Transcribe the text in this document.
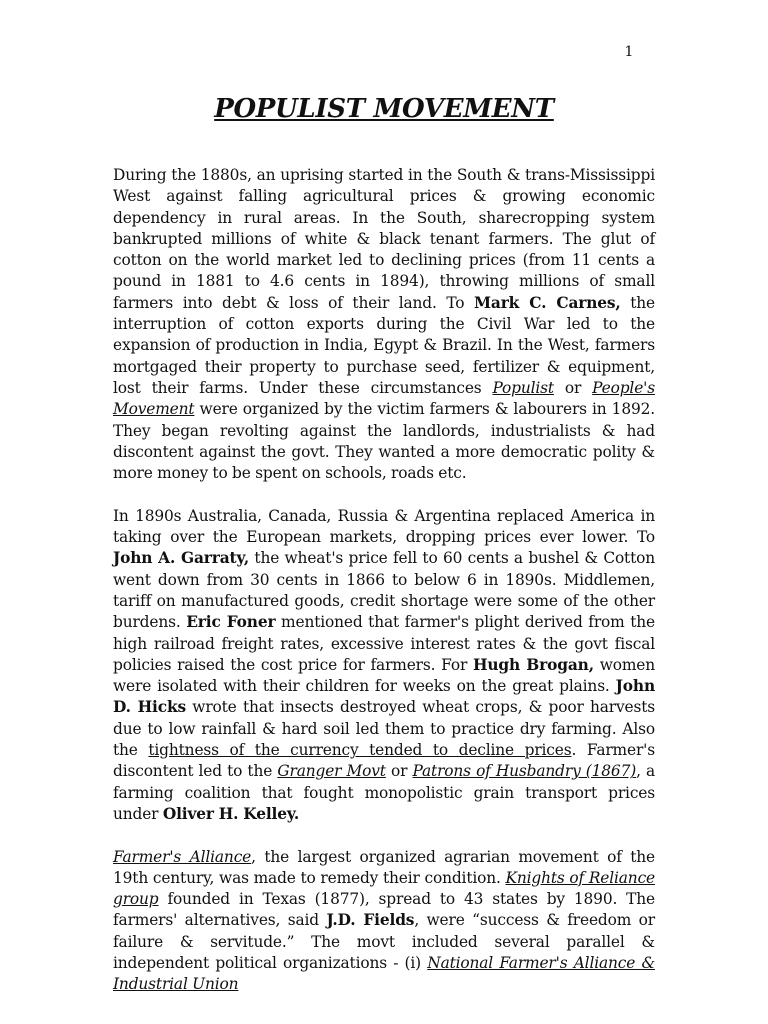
1
POPULIST MOVEMENT

During the 1880s, an uprising started in the South & trans-Mississippi West against falling agricultural prices & growing economic dependency in rural areas. In the South, sharecropping system bankrupted millions of white & black tenant farmers. The glut of cotton on the world market led to declining prices (from 11 cents a pound in 1881 to 4.6 cents in 1894), throwing millions of small farmers into debt & loss of their land. To Mark C. Carnes, the interruption of cotton exports during the Civil War led to the expansion of production in India, Egypt & Brazil. In the West, farmers mortgaged their property to purchase seed, fertilizer & equipment, lost their farms. Under these circumstances Populist or People's Movement were organized by the victim farmers & labourers in 1892. They began revolting against the landlords, industrialists & had discontent against the govt. They wanted a more democratic polity & more money to be spent on schools, roads etc.

In 1890s Australia, Canada, Russia & Argentina replaced America in taking over the European markets, dropping prices ever lower. To John A. Garraty, the wheat's price fell to 60 cents a bushel & Cotton went down from 30 cents in 1866 to below 6 in 1890s. Middlemen, tariff on manufactured goods, credit shortage were some of the other burdens. Eric Foner mentioned that farmer's plight derived from the high railroad freight rates, excessive interest rates & the govt fiscal policies raised the cost price for farmers. For Hugh Brogan, women were isolated with their children for weeks on the great plains. John D. Hicks wrote that insects destroyed wheat crops, & poor harvests due to low rainfall & hard soil led them to practice dry farming. Also the tightness of the currency tended to decline prices. Farmer's discontent led to the Granger Movt or Patrons of Husbandry (1867), a farming coalition that fought monopolistic grain transport prices under Oliver H. Kelley.

Farmer's Alliance, the largest organized agrarian movement of the 19th century, was made to remedy their condition. Knights of Reliance group founded in Texas (1877), spread to 43 states by 1890. The farmers' alternatives, said J.D. Fields, were “success & freedom or failure & servitude.” The movt included several parallel & independent political organizations - (i) National Farmer's Alliance & Industrial Union
